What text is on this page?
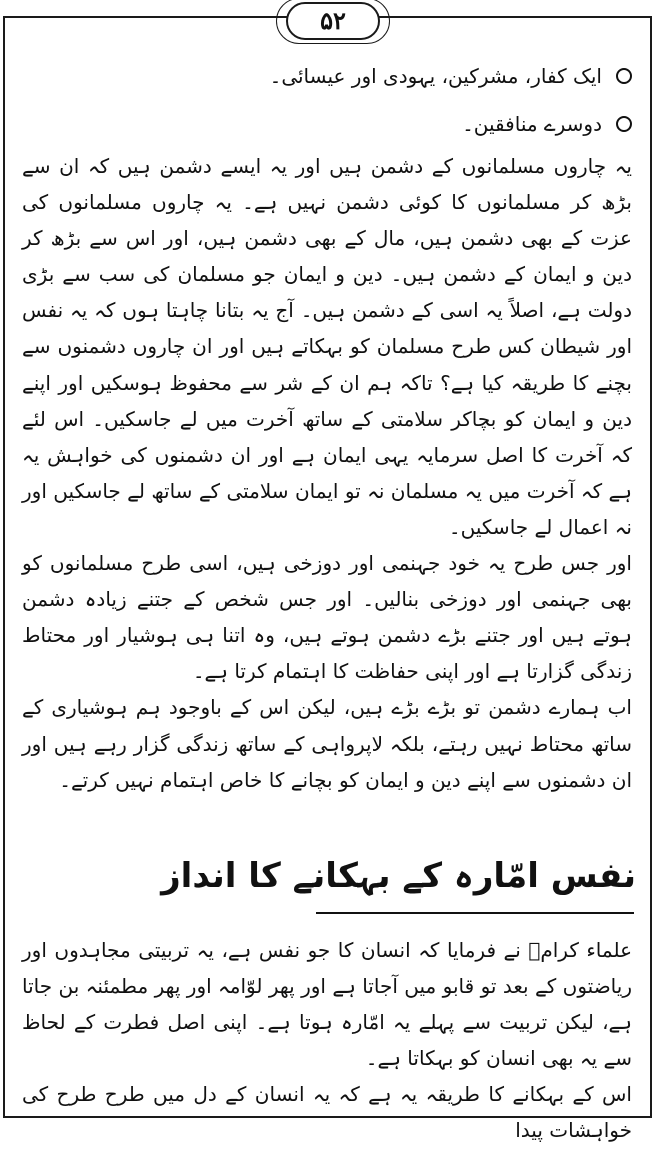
۵۲
ایک کفار، مشرکین، یہودی اور عیسائی۔
دوسرے منافقین۔

یہ چاروں مسلمانوں کے دشمن ہیں اور یہ ایسے دشمن ہیں کہ ان سے بڑھ کر مسلمانوں کا کوئی دشمن نہیں ہے۔ یہ چاروں مسلمانوں کی عزت کے بھی دشمن ہیں، مال کے بھی دشمن ہیں، اور اس سے بڑھ کر دین و ایمان کے دشمن ہیں۔ دین و ایمان جو مسلمان کی سب سے بڑی دولت ہے، اصلاً یہ اسی کے دشمن ہیں۔ آج یہ بتانا چاہتا ہوں کہ یہ نفس اور شیطان کس طرح مسلمان کو بہکاتے ہیں اور ان چاروں دشمنوں سے بچنے کا طریقہ کیا ہے؟ تاکہ ہم ان کے شر سے محفوظ ہوسکیں اور اپنے دین و ایمان کو بچاکر سلامتی کے ساتھ آخرت میں لے جاسکیں۔ اس لئے کہ آخرت کا اصل سرمایہ یہی ایمان ہے اور ان دشمنوں کی خواہش یہ ہے کہ آخرت میں یہ مسلمان نہ تو ایمان سلامتی کے ساتھ لے جاسکیں اور نہ اعمال لے جاسکیں۔

اور جس طرح یہ خود جہنمی اور دوزخی ہیں، اسی طرح مسلمانوں کو بھی جہنمی اور دوزخی بنالیں۔ اور جس شخص کے جتنے زیادہ دشمن ہوتے ہیں اور جتنے بڑے دشمن ہوتے ہیں، وہ اتنا ہی ہوشیار اور محتاط زندگی گزارتا ہے اور اپنی حفاظت کا اہتمام کرتا ہے۔

اب ہمارے دشمن تو بڑے بڑے ہیں، لیکن اس کے باوجود ہم ہوشیاری کے ساتھ محتاط نہیں رہتے، بلکہ لاپرواہی کے ساتھ زندگی گزار رہے ہیں اور ان دشمنوں سے اپنے دین و ایمان کو بچانے کا خاص اہتمام نہیں کرتے۔

نفس امّارہ کے بہکانے کا انداز

علماء کرامؒ نے فرمایا کہ انسان کا جو نفس ہے، یہ تربیتی مجاہدوں اور ریاضتوں کے بعد تو قابو میں آجاتا ہے اور پھر لوّامہ اور پھر مطمئنہ بن جاتا ہے، لیکن تربیت سے پہلے یہ امّارہ ہوتا ہے۔ اپنی اصل فطرت کے لحاظ سے یہ بھی انسان کو بہکاتا ہے۔

اس کے بہکانے کا طریقہ یہ ہے کہ یہ انسان کے دل میں طرح طرح کی خواہشات پیدا
